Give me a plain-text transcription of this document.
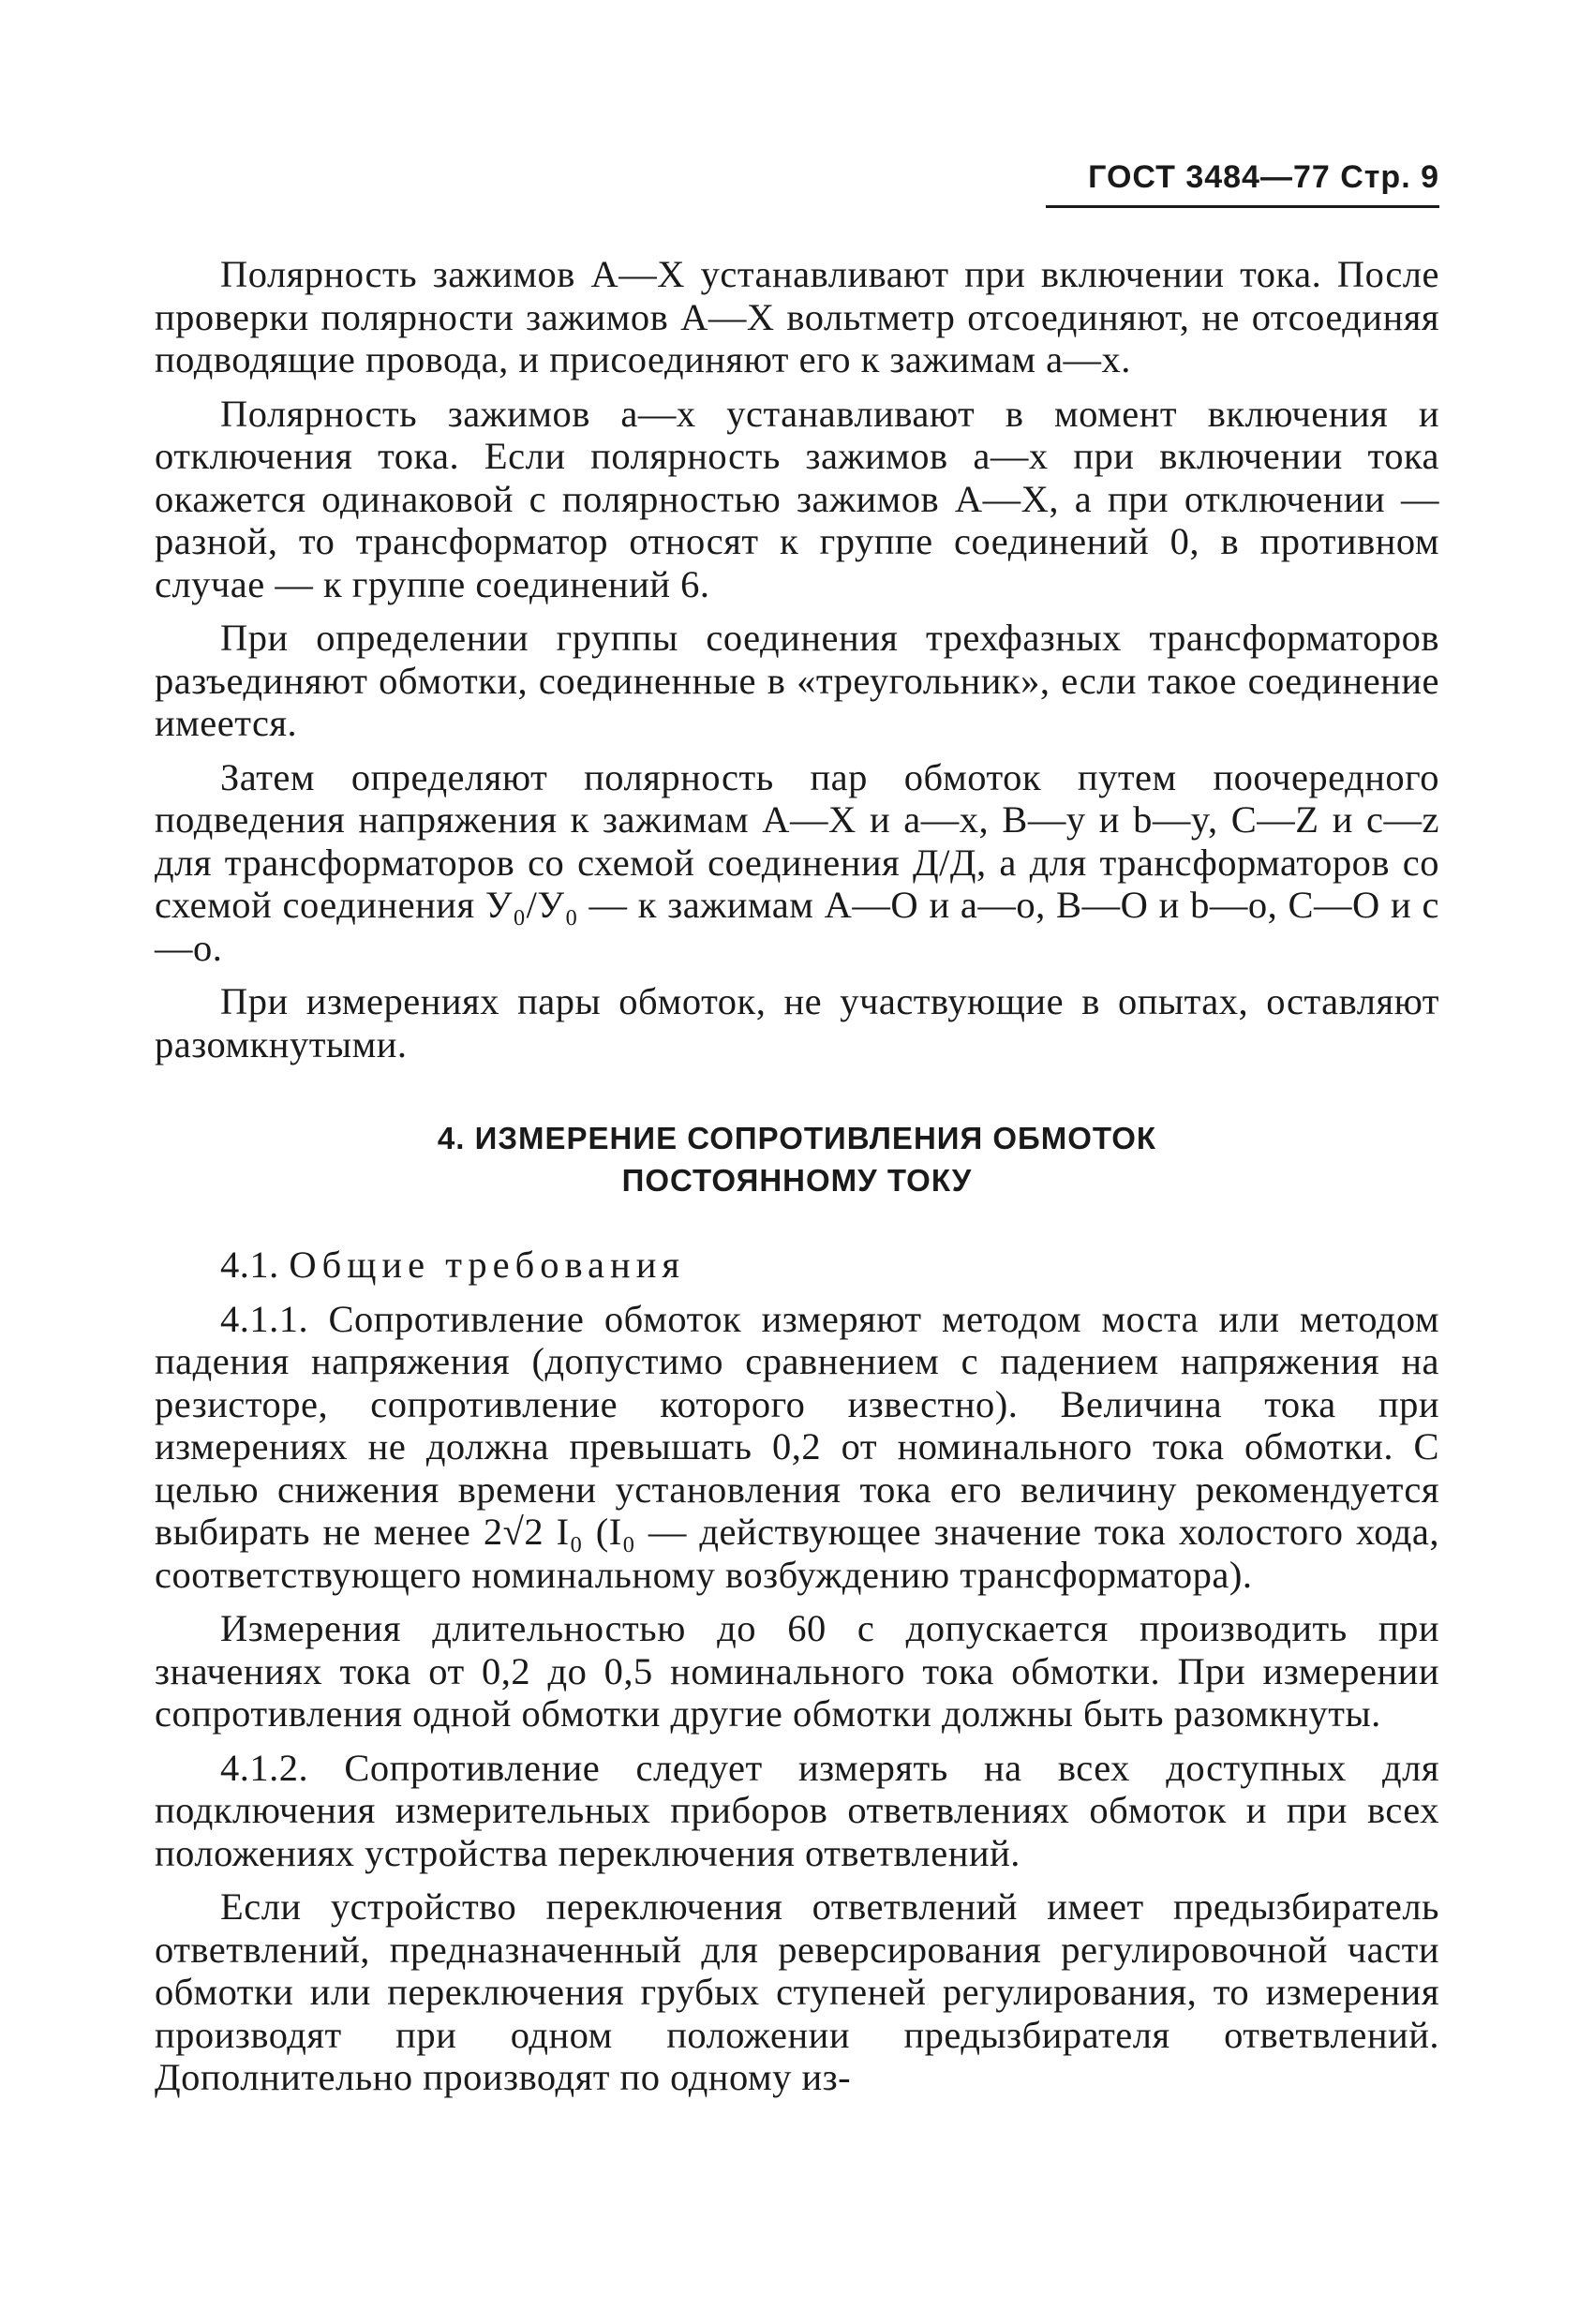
ГОСТ 3484—77 Стр. 9

Полярность зажимов A—X устанавливают при включении тока. После проверки полярности зажимов A—X вольтметр отсоединяют, не отсоединяя подводящие провода, и присоединяют его к зажимам a—x.

Полярность зажимов a—x устанавливают в момент включения и отключения тока. Если полярность зажимов a—x при включении тока окажется одинаковой с полярностью зажимов A—X, а при отключении — разной, то трансформатор относят к группе соединений 0, в противном случае — к группе соединений 6.

При определении группы соединения трехфазных трансформаторов разъединяют обмотки, соединенные в «треугольник», если такое соединение имеется.

Затем определяют полярность пар обмоток путем поочередного подведения напряжения к зажимам A—X и a—x, B—y и b—y, C—Z и c—z для трансформаторов со схемой соединения Д/Д, а для трансформаторов со схемой соединения У₀/У₀ — к зажимам A—O и a—o, B—O и b—o, C—O и c—o.

При измерениях пары обмоток, не участвующие в опытах, оставляют разомкнутыми.

4. ИЗМЕРЕНИЕ СОПРОТИВЛЕНИЯ ОБМОТОК
ПОСТОЯННОМУ ТОКУ

4.1. Общие требования

4.1.1. Сопротивление обмоток измеряют методом моста или методом падения напряжения (допустимо сравнением с падением напряжения на резисторе, сопротивление которого известно). Величина тока при измерениях не должна превышать 0,2 от номинального тока обмотки. С целью снижения времени установления тока его величину рекомендуется выбирать не менее 2√2 I₀ (I₀ — действующее значение тока холостого хода, соответствующего номинальному возбуждению трансформатора).

Измерения длительностью до 60 с допускается производить при значениях тока от 0,2 до 0,5 номинального тока обмотки. При измерении сопротивления одной обмотки другие обмотки должны быть разомкнуты.

4.1.2. Сопротивление следует измерять на всех доступных для подключения измерительных приборов ответвлениях обмоток и при всех положениях устройства переключения ответвлений.

Если устройство переключения ответвлений имеет предызбиратель ответвлений, предназначенный для реверсирования регулировочной части обмотки или переключения грубых ступеней регулирования, то измерения производят при одном положении предызбирателя ответвлений. Дополнительно производят по одному из-
